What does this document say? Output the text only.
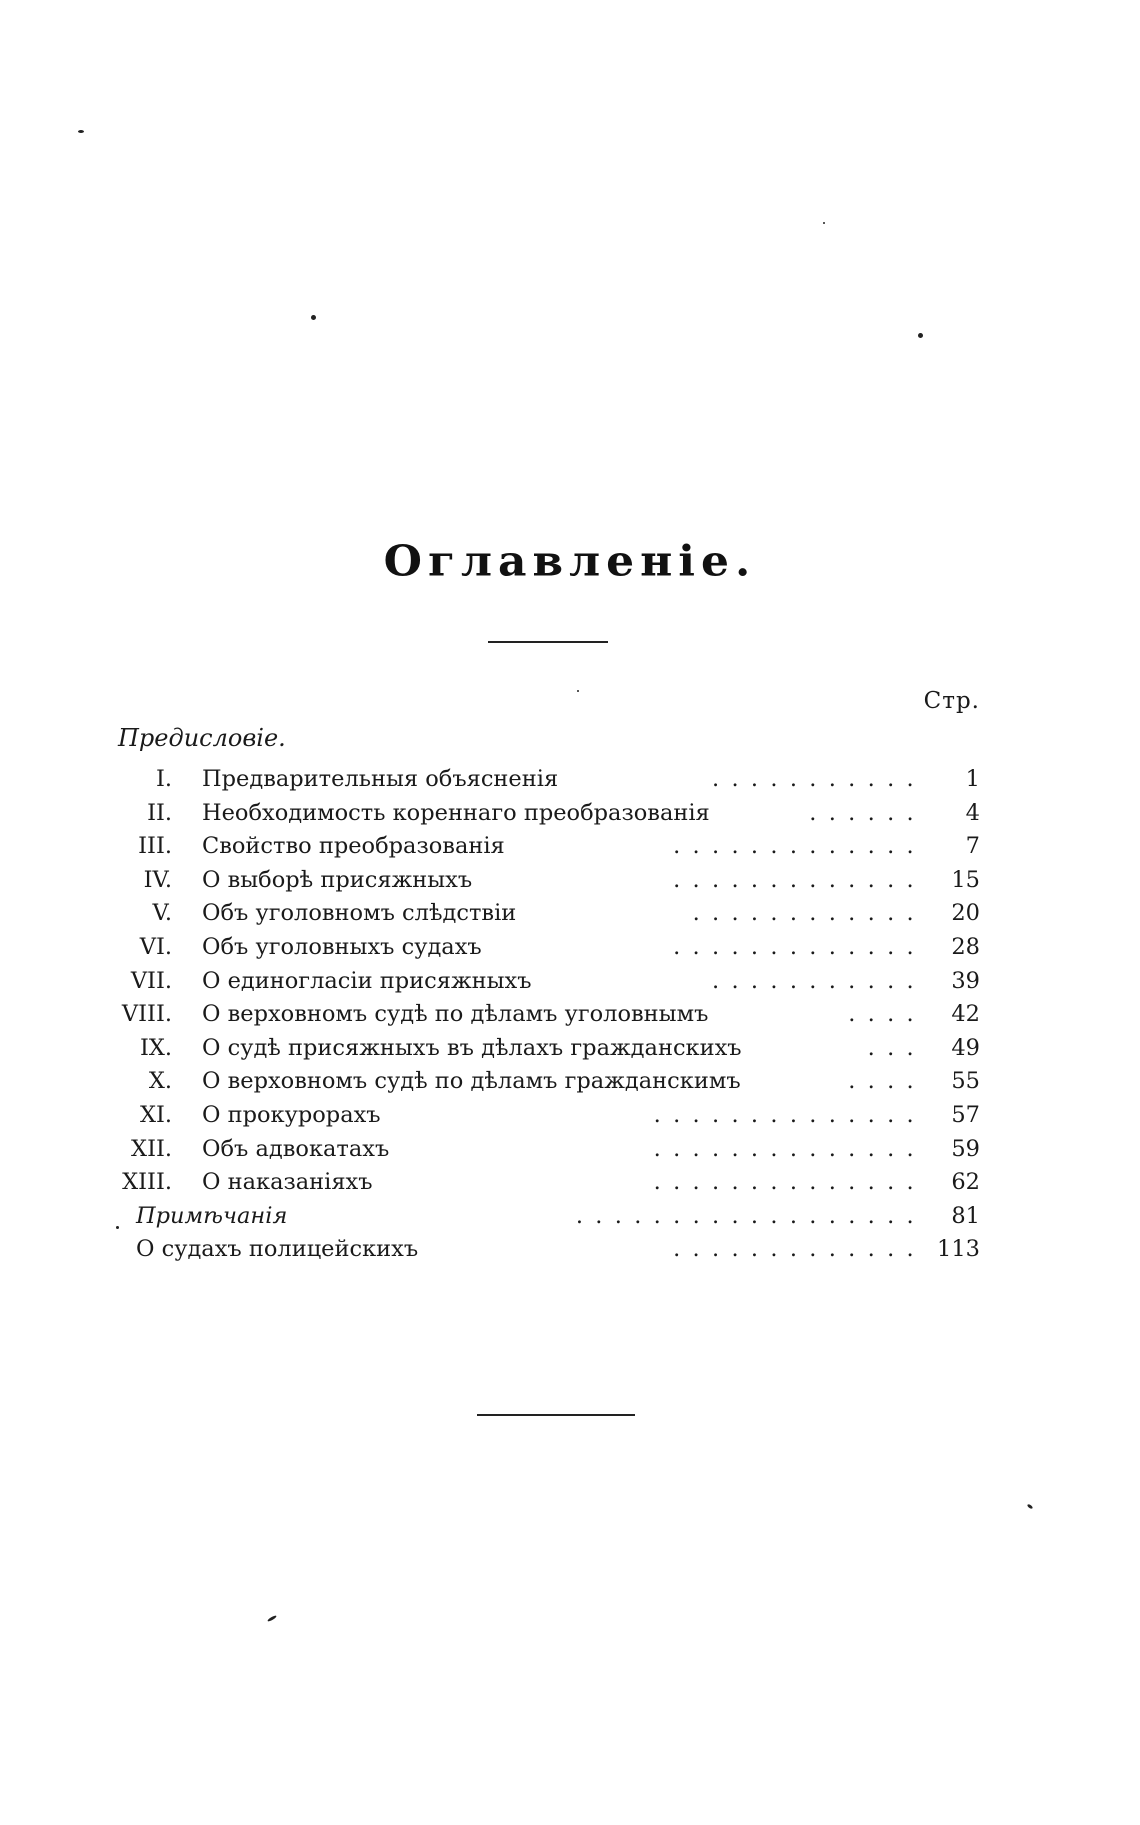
Оглавленіе.
Стр.
Предисловіе.
I. Предварительныя объясненія	...........	1
II. Необходимость кореннаго преобразованія	......	4
III. Свойство преобразованія	.............	7
IV. О выборѣ присяжныхъ	.............	15
V. Объ уголовномъ слѣдствіи	............	20
VI. Объ уголовныхъ судахъ	.............	28
VII. О единогласіи присяжныхъ	...........	39
VIII. О верховномъ судѣ по дѣламъ уголовнымъ	....	42
IX. О судѣ присяжныхъ въ дѣлахъ гражданскихъ	...	49
X. О верховномъ судѣ по дѣламъ гражданскимъ	....	55
XI. О прокурорахъ	..............	57
XII. Объ адвокатахъ	..............	59
XIII. О наказаніяхъ	..............	62
Примѣчанія	..................	81
О судахъ полицейскихъ	............. 113
